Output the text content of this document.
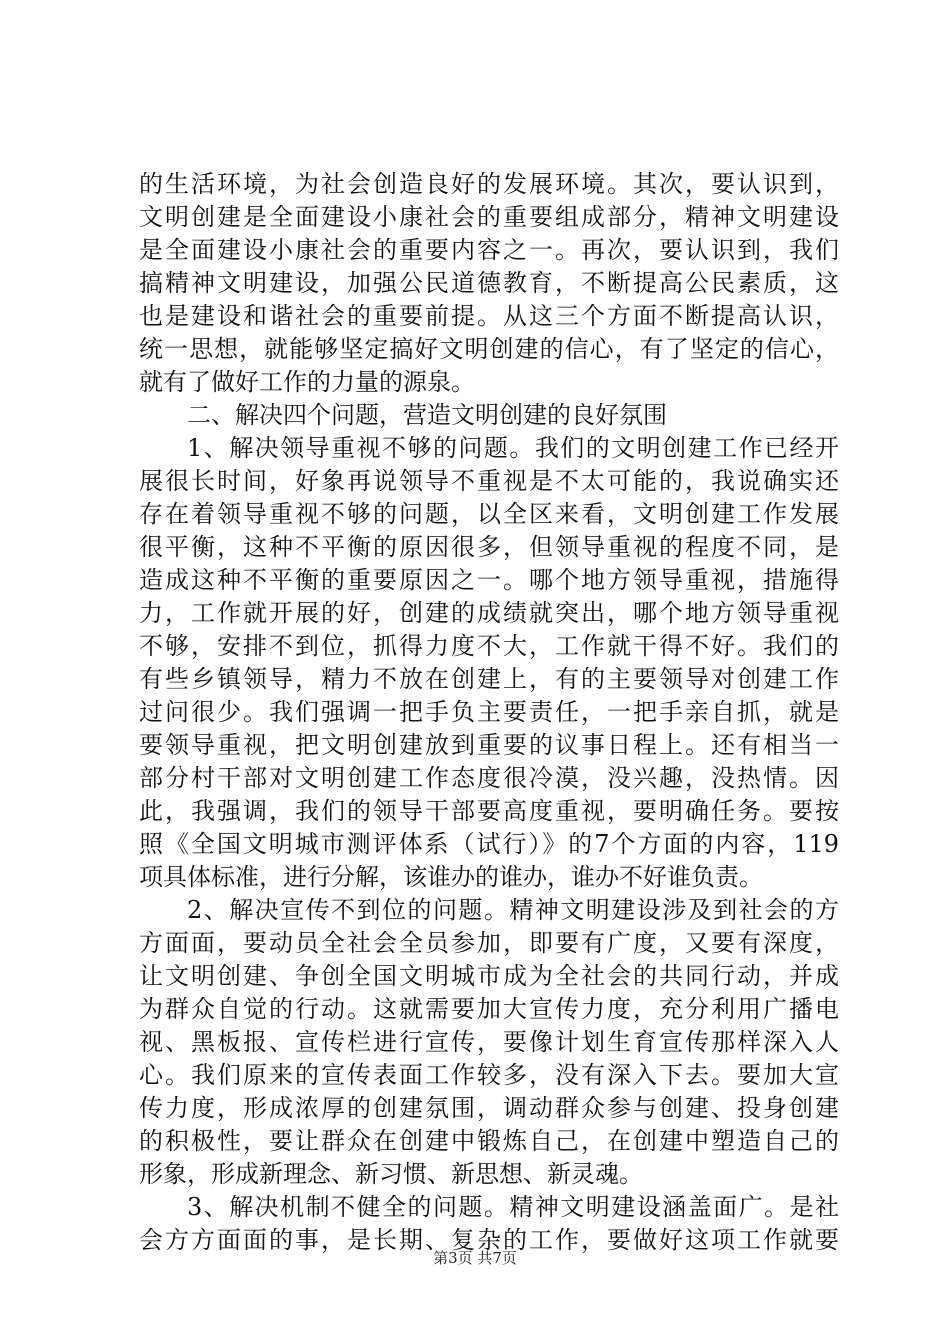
的生活环境，为社会创造良好的发展环境。其次，要认识到，
文明创建是全面建设小康社会的重要组成部分，精神文明建设
是全面建设小康社会的重要内容之一。再次，要认识到，我们
搞精神文明建设，加强公民道德教育，不断提高公民素质，这
也是建设和谐社会的重要前提。从这三个方面不断提高认识，
统一思想，就能够坚定搞好文明创建的信心，有了坚定的信心，
就有了做好工作的力量的源泉。
二、解决四个问题，营造文明创建的良好氛围
1、解决领导重视不够的问题。我们的文明创建工作已经开
展很长时间，好象再说领导不重视是不太可能的，我说确实还
存在着领导重视不够的问题，以全区来看，文明创建工作发展
很平衡，这种不平衡的原因很多，但领导重视的程度不同，是
造成这种不平衡的重要原因之一。哪个地方领导重视，措施得
力，工作就开展的好，创建的成绩就突出，哪个地方领导重视
不够，安排不到位，抓得力度不大，工作就干得不好。我们的
有些乡镇领导，精力不放在创建上，有的主要领导对创建工作
过问很少。我们强调一把手负主要责任，一把手亲自抓，就是
要领导重视，把文明创建放到重要的议事日程上。还有相当一
部分村干部对文明创建工作态度很冷漠，没兴趣，没热情。因
此，我强调，我们的领导干部要高度重视，要明确任务。要按
照《全国文明城市测评体系（试行）》的7个方面的内容，119
项具体标准，进行分解，该谁办的谁办，谁办不好谁负责。
2、解决宣传不到位的问题。精神文明建设涉及到社会的方
方面面，要动员全社会全员参加，即要有广度，又要有深度，
让文明创建、争创全国文明城市成为全社会的共同行动，并成
为群众自觉的行动。这就需要加大宣传力度，充分利用广播电
视、黑板报、宣传栏进行宣传，要像计划生育宣传那样深入人
心。我们原来的宣传表面工作较多，没有深入下去。要加大宣
传力度，形成浓厚的创建氛围，调动群众参与创建、投身创建
的积极性，要让群众在创建中锻炼自己，在创建中塑造自己的
形象，形成新理念、新习惯、新思想、新灵魂。
3、解决机制不健全的问题。精神文明建设涵盖面广。是社
会方方面面的事，是长期、复杂的工作，要做好这项工作就要
第3页 共7页
